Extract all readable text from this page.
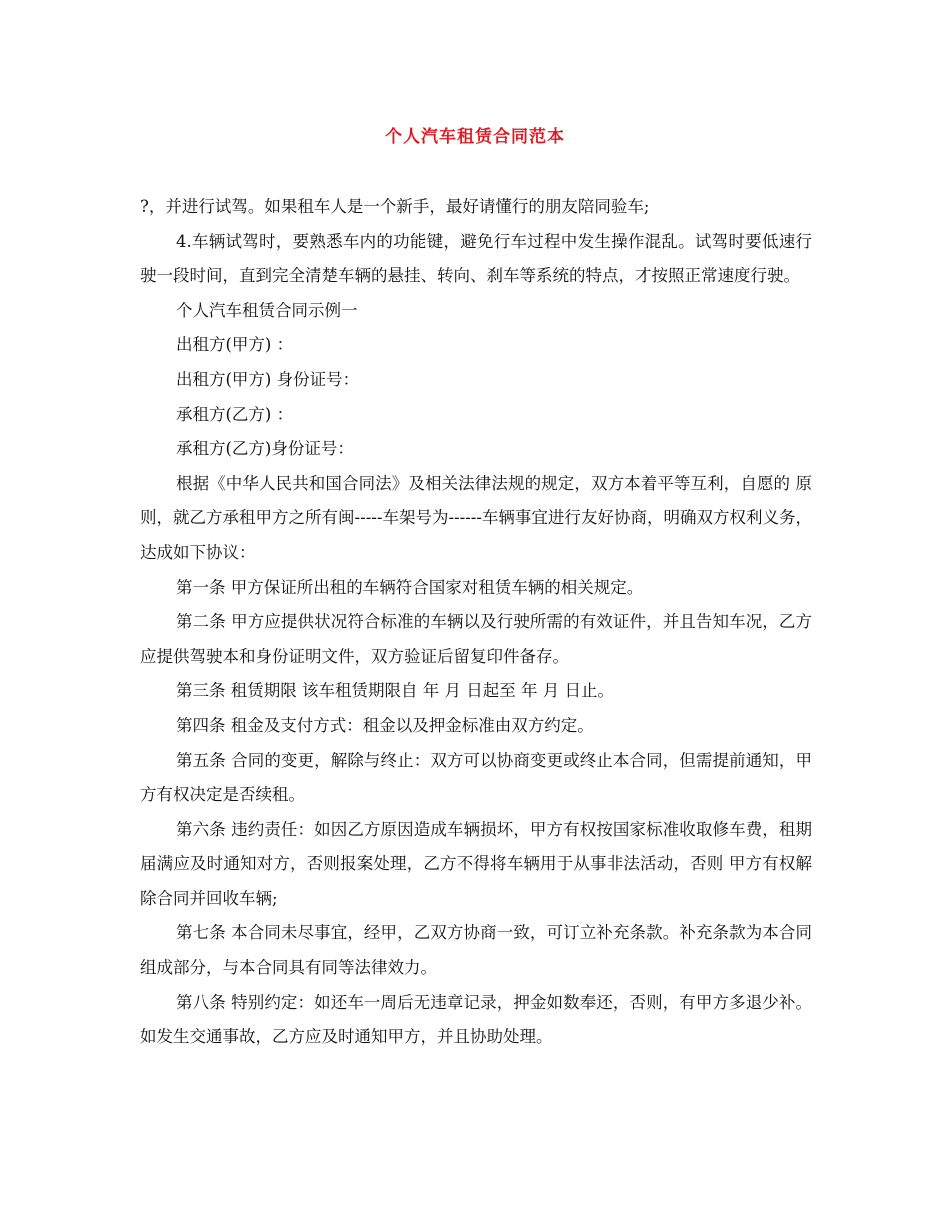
个人汽车租赁合同范本

?，并进行试驾。如果租车人是一个新手，最好请懂行的朋友陪同验车;

4.车辆试驾时，要熟悉车内的功能键，避免行车过程中发生操作混乱。试驾时要低速行驶一段时间，直到完全清楚车辆的悬挂、转向、刹车等系统的特点，才按照正常速度行驶。

个人汽车租赁合同示例一

出租方(甲方) ：

出租方(甲方) 身份证号：

承租方(乙方) ：

承租方(乙方)身份证号：

根据《中华人民共和国合同法》及相关法律法规的规定，双方本着平等互利，自愿的 原则，就乙方承租甲方之所有闽-----车架号为------车辆事宜进行友好协商，明确双方权利义务，达成如下协议：

第一条 甲方保证所出租的车辆符合国家对租赁车辆的相关规定。

第二条 甲方应提供状况符合标准的车辆以及行驶所需的有效证件，并且告知车况，乙方 应提供驾驶本和身份证明文件，双方验证后留复印件备存。

第三条 租赁期限 该车租赁期限自 年 月 日起至 年 月 日止。

第四条 租金及支付方式：租金以及押金标准由双方约定。

第五条 合同的变更，解除与终止：双方可以协商变更或终止本合同，但需提前通知，甲 方有权决定是否续租。

第六条 违约责任：如因乙方原因造成车辆损坏，甲方有权按国家标准收取修车费，租期 届满应及时通知对方，否则报案处理，乙方不得将车辆用于从事非法活动，否则 甲方有权解除合同并回收车辆;

第七条 本合同未尽事宜，经甲，乙双方协商一致，可订立补充条款。补充条款为本合同 组成部分，与本合同具有同等法律效力。

第八条 特别约定：如还车一周后无违章记录，押金如数奉还，否则，有甲方多退少补。 如发生交通事故，乙方应及时通知甲方，并且协助处理。
